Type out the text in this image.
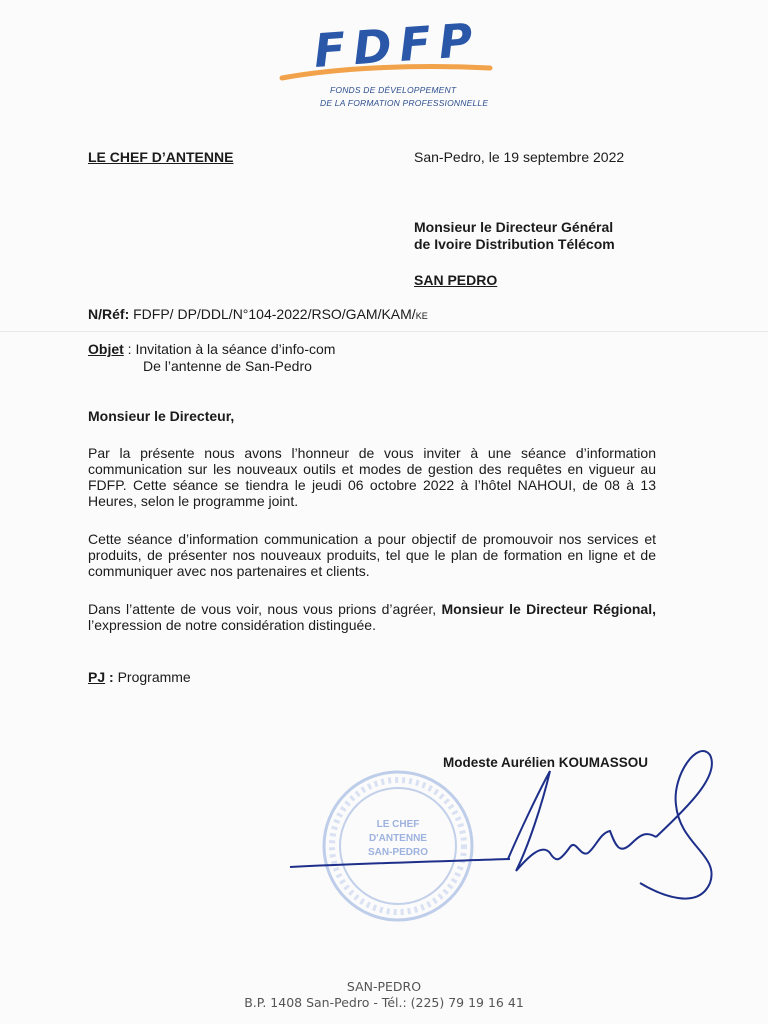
FDFP
FONDS DE DÉVELOPPEMENT
DE LA FORMATION PROFESSIONNELLE
LE CHEF D’ANTENNE	San-Pedro, le 19 septembre 2022
Monsieur le Directeur Général
de Ivoire Distribution Télécom
SAN PEDRO
N/Réf: FDFP/ DP/DDL/N°104-2022/RSO/GAM/KAM/KE
Objet : Invitation à la séance d’info-com
De l’antenne de San-Pedro
Monsieur le Directeur,
Par la présente nous avons l’honneur de vous inviter à une séance d’information communication sur les nouveaux outils et modes de gestion des requêtes en vigueur au FDFP. Cette séance se tiendra le jeudi 06 octobre 2022 à l’hôtel NAHOUI, de 08 à 13 Heures, selon le programme joint.
Cette séance d’information communication a pour objectif de promouvoir nos services et produits, de présenter nos nouveaux produits, tel que le plan de formation en ligne et de communiquer avec nos partenaires et clients.
Dans l’attente de vous voir, nous vous prions d’agréer, Monsieur le Directeur Régional, l’expression de notre considération distinguée.
PJ : Programme
LE CHEF
D'ANTENNE
SAN-PEDRO
Modeste Aurélien KOUMASSOU
SAN-PEDRO
B.P. 1408 San-Pedro - Tél.: (225) 79 19 16 41
